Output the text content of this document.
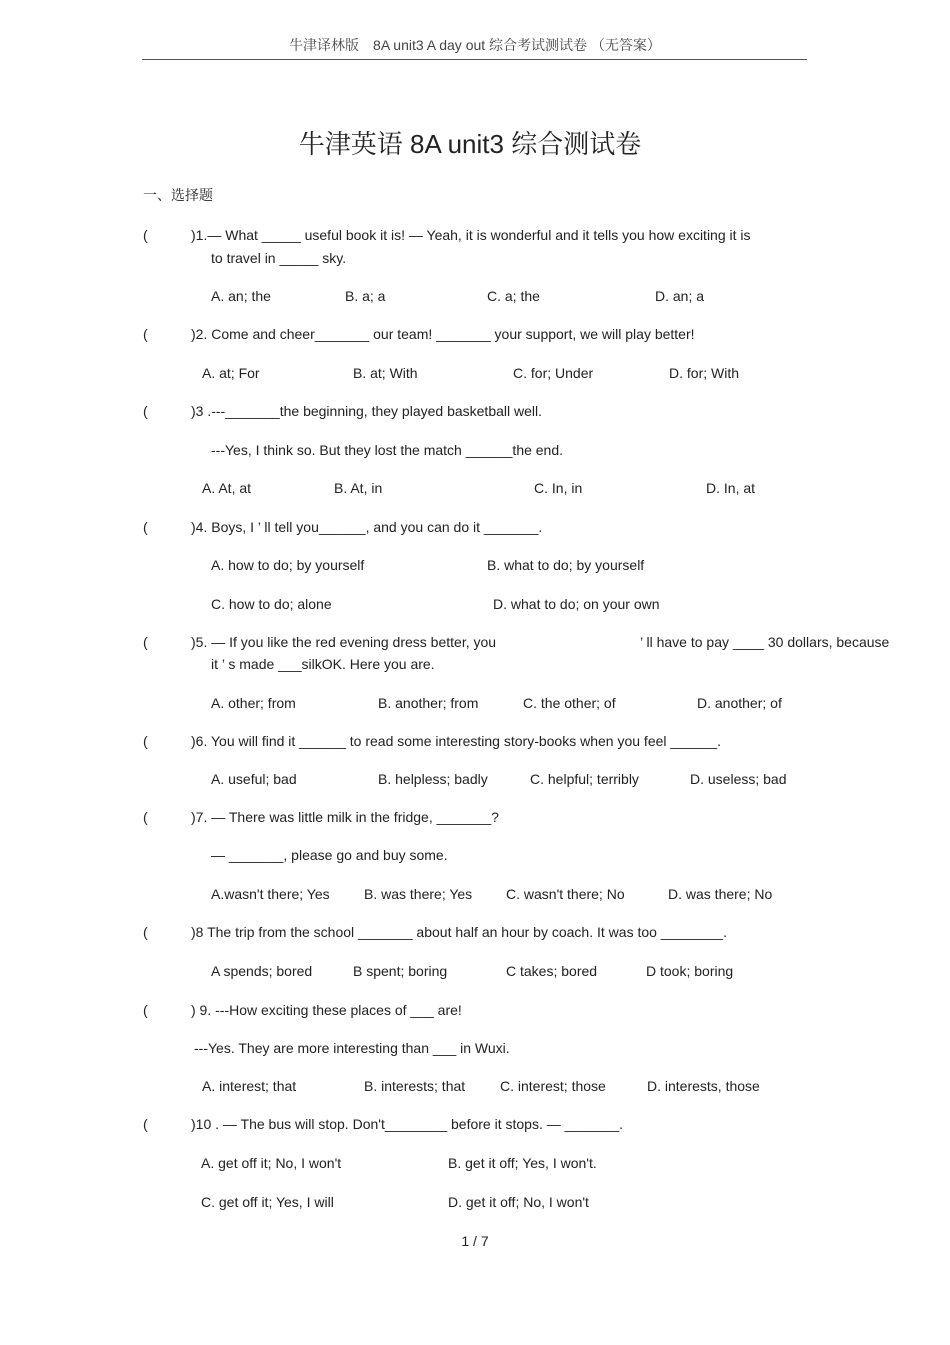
牛津译林版　8A unit3 A day out 综合考试测试卷 （无答案）
牛津英语 8A unit3 综合测试卷
一、选择题
(	)1.— What _____ useful book it is! — Yeah, it is wonderful and it tells you how exciting it is
to travel in _____ sky.
A. an; the	B. a; a	C. a; the	D. an; a
(	)2. Come and cheer_______ our team! _______ your support, we will play better!
A. at; For	B. at; With	C. for; Under	D. for; With
(	)3 .---_______the beginning, they played basketball well.
---Yes, I think so. But they lost the match ______the end.
A. At, at	B. At, in	C. In, in	D. In, at
(	)4. Boys, I ’ ll tell you______, and you can do it _______.
A. how to do; by yourself	B. what to do; by yourself
C. how to do; alone	D. what to do; on your own
(	)5. — If you like the red evening dress better, you	’ ll have to pay ____ 30 dollars, because
it ’ s made ___silkOK. Here you are.
A. other; from	B. another; from	C. the other; of	D. another; of
(	)6. You will find it ______ to read some interesting story-books when you feel ______.
A. useful; bad	B. helpless; badly	C. helpful; terribly	D. useless; bad
(	)7. — There was little milk in the fridge, _______?
— _______, please go and buy some.
A.wasn't there; Yes B. was there; Yes C. wasn't there; No	D. was there; No
(	)8 The trip from the school _______ about half an hour by coach. It was too ________.
A spends; bored	B spent; boring	C takes; bored	D took; boring
(	) 9. ---How exciting these places of ___ are!
---Yes. They are more interesting than ___ in Wuxi.
A. interest; that	B. interests; that C. interest; those	D. interests, those
(	)10 . — The bus will stop. Don't________ before it stops. — _______.
A. get off it; No, I won't	B. get it off; Yes, I won't.
C. get off it; Yes, I will	D. get it off; No, I won't
1 / 7
